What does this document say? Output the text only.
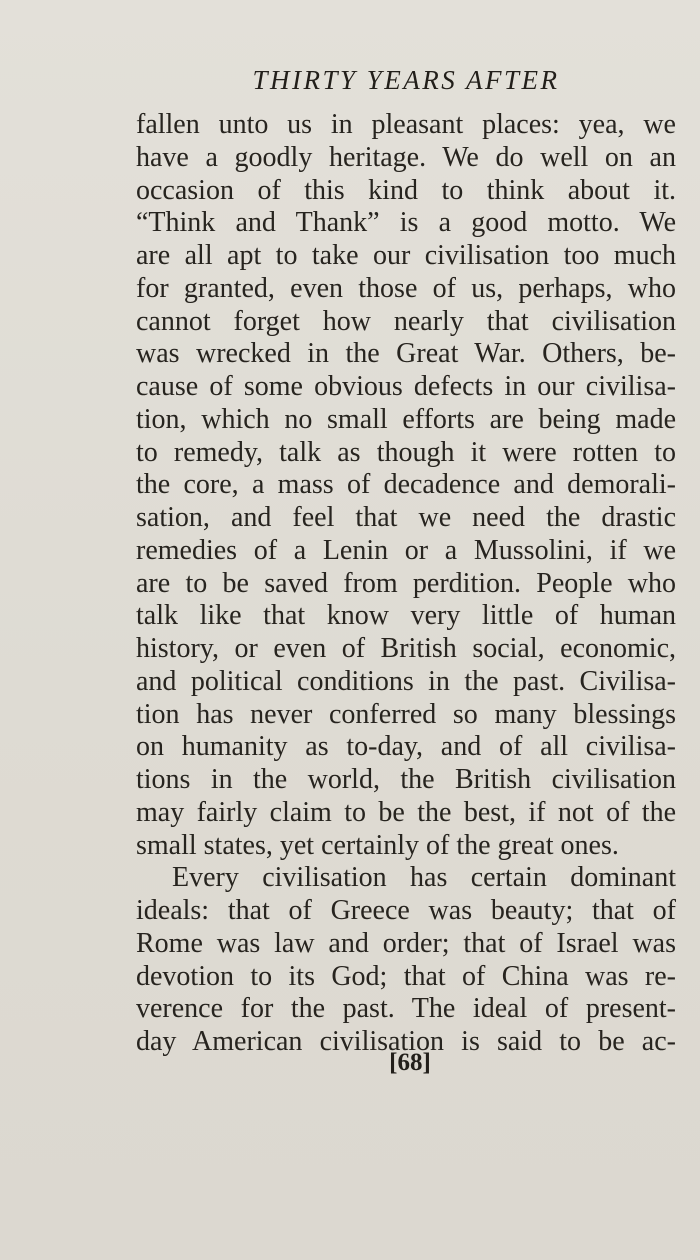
THIRTY YEARS AFTER
fallen unto us in pleasant places: yea, we
have a goodly heritage. We do well on an
occasion of this kind to think about it.
“Think and Thank” is a good motto. We
are all apt to take our civilisation too much
for granted, even those of us, perhaps, who
cannot forget how nearly that civilisation
was wrecked in the Great War. Others, be-
cause of some obvious defects in our civilisa-
tion, which no small efforts are being made
to remedy, talk as though it were rotten to
the core, a mass of decadence and demorali-
sation, and feel that we need the drastic
remedies of a Lenin or a Mussolini, if we
are to be saved from perdition. People who
talk like that know very little of human
history, or even of British social, economic,
and political conditions in the past. Civilisa-
tion has never conferred so many blessings
on humanity as to-day, and of all civilisa-
tions in the world, the British civilisation
may fairly claim to be the best, if not of the
small states, yet certainly of the great ones.
Every civilisation has certain dominant
ideals: that of Greece was beauty; that of
Rome was law and order; that of Israel was
devotion to its God; that of China was re-
verence for the past. The ideal of present-
day American civilisation is said to be ac-
[68]
